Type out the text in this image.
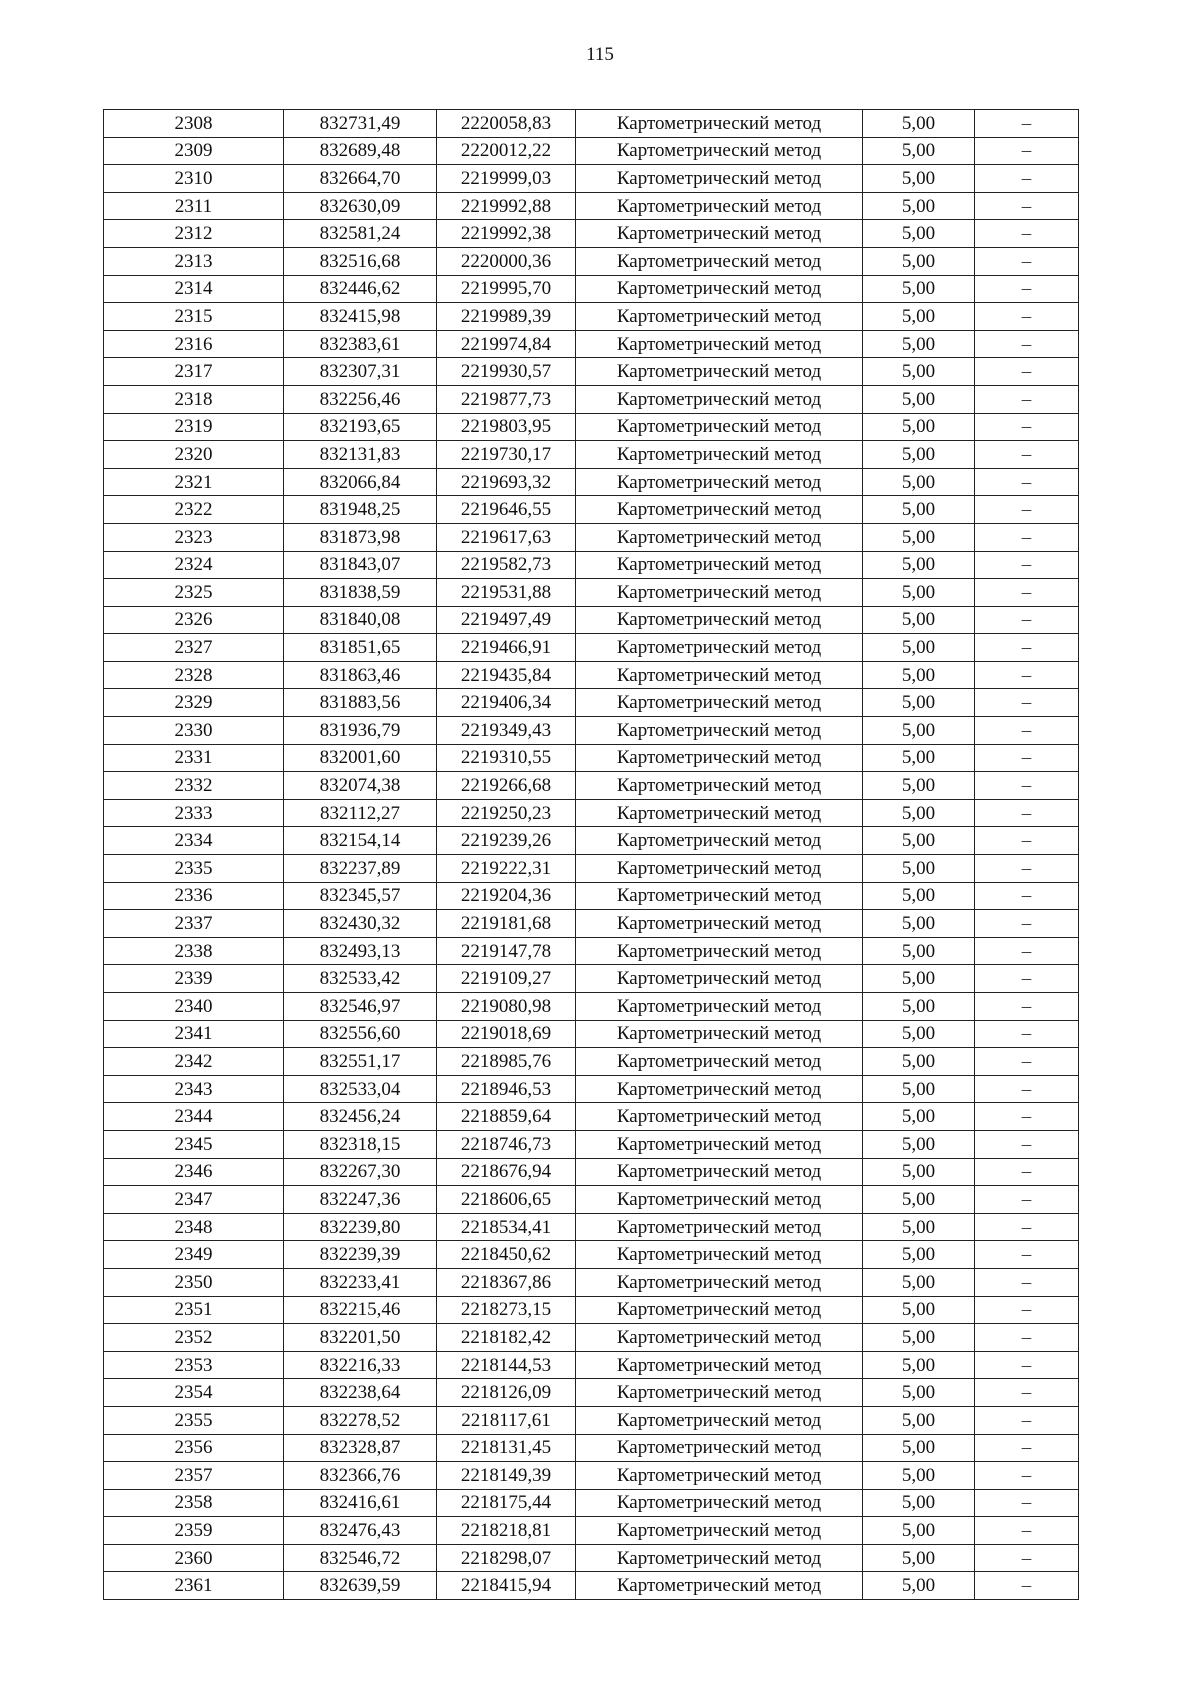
115
2308	832731,49	2220058,83	Картометрический метод	5,00	–
2309	832689,48	2220012,22	Картометрический метод	5,00	–
2310	832664,70	2219999,03	Картометрический метод	5,00	–
2311	832630,09	2219992,88	Картометрический метод	5,00	–
2312	832581,24	2219992,38	Картометрический метод	5,00	–
2313	832516,68	2220000,36	Картометрический метод	5,00	–
2314	832446,62	2219995,70	Картометрический метод	5,00	–
2315	832415,98	2219989,39	Картометрический метод	5,00	–
2316	832383,61	2219974,84	Картометрический метод	5,00	–
2317	832307,31	2219930,57	Картометрический метод	5,00	–
2318	832256,46	2219877,73	Картометрический метод	5,00	–
2319	832193,65	2219803,95	Картометрический метод	5,00	–
2320	832131,83	2219730,17	Картометрический метод	5,00	–
2321	832066,84	2219693,32	Картометрический метод	5,00	–
2322	831948,25	2219646,55	Картометрический метод	5,00	–
2323	831873,98	2219617,63	Картометрический метод	5,00	–
2324	831843,07	2219582,73	Картометрический метод	5,00	–
2325	831838,59	2219531,88	Картометрический метод	5,00	–
2326	831840,08	2219497,49	Картометрический метод	5,00	–
2327	831851,65	2219466,91	Картометрический метод	5,00	–
2328	831863,46	2219435,84	Картометрический метод	5,00	–
2329	831883,56	2219406,34	Картометрический метод	5,00	–
2330	831936,79	2219349,43	Картометрический метод	5,00	–
2331	832001,60	2219310,55	Картометрический метод	5,00	–
2332	832074,38	2219266,68	Картометрический метод	5,00	–
2333	832112,27	2219250,23	Картометрический метод	5,00	–
2334	832154,14	2219239,26	Картометрический метод	5,00	–
2335	832237,89	2219222,31	Картометрический метод	5,00	–
2336	832345,57	2219204,36	Картометрический метод	5,00	–
2337	832430,32	2219181,68	Картометрический метод	5,00	–
2338	832493,13	2219147,78	Картометрический метод	5,00	–
2339	832533,42	2219109,27	Картометрический метод	5,00	–
2340	832546,97	2219080,98	Картометрический метод	5,00	–
2341	832556,60	2219018,69	Картометрический метод	5,00	–
2342	832551,17	2218985,76	Картометрический метод	5,00	–
2343	832533,04	2218946,53	Картометрический метод	5,00	–
2344	832456,24	2218859,64	Картометрический метод	5,00	–
2345	832318,15	2218746,73	Картометрический метод	5,00	–
2346	832267,30	2218676,94	Картометрический метод	5,00	–
2347	832247,36	2218606,65	Картометрический метод	5,00	–
2348	832239,80	2218534,41	Картометрический метод	5,00	–
2349	832239,39	2218450,62	Картометрический метод	5,00	–
2350	832233,41	2218367,86	Картометрический метод	5,00	–
2351	832215,46	2218273,15	Картометрический метод	5,00	–
2352	832201,50	2218182,42	Картометрический метод	5,00	–
2353	832216,33	2218144,53	Картометрический метод	5,00	–
2354	832238,64	2218126,09	Картометрический метод	5,00	–
2355	832278,52	2218117,61	Картометрический метод	5,00	–
2356	832328,87	2218131,45	Картометрический метод	5,00	–
2357	832366,76	2218149,39	Картометрический метод	5,00	–
2358	832416,61	2218175,44	Картометрический метод	5,00	–
2359	832476,43	2218218,81	Картометрический метод	5,00	–
2360	832546,72	2218298,07	Картометрический метод	5,00	–
2361	832639,59	2218415,94	Картометрический метод	5,00	–
